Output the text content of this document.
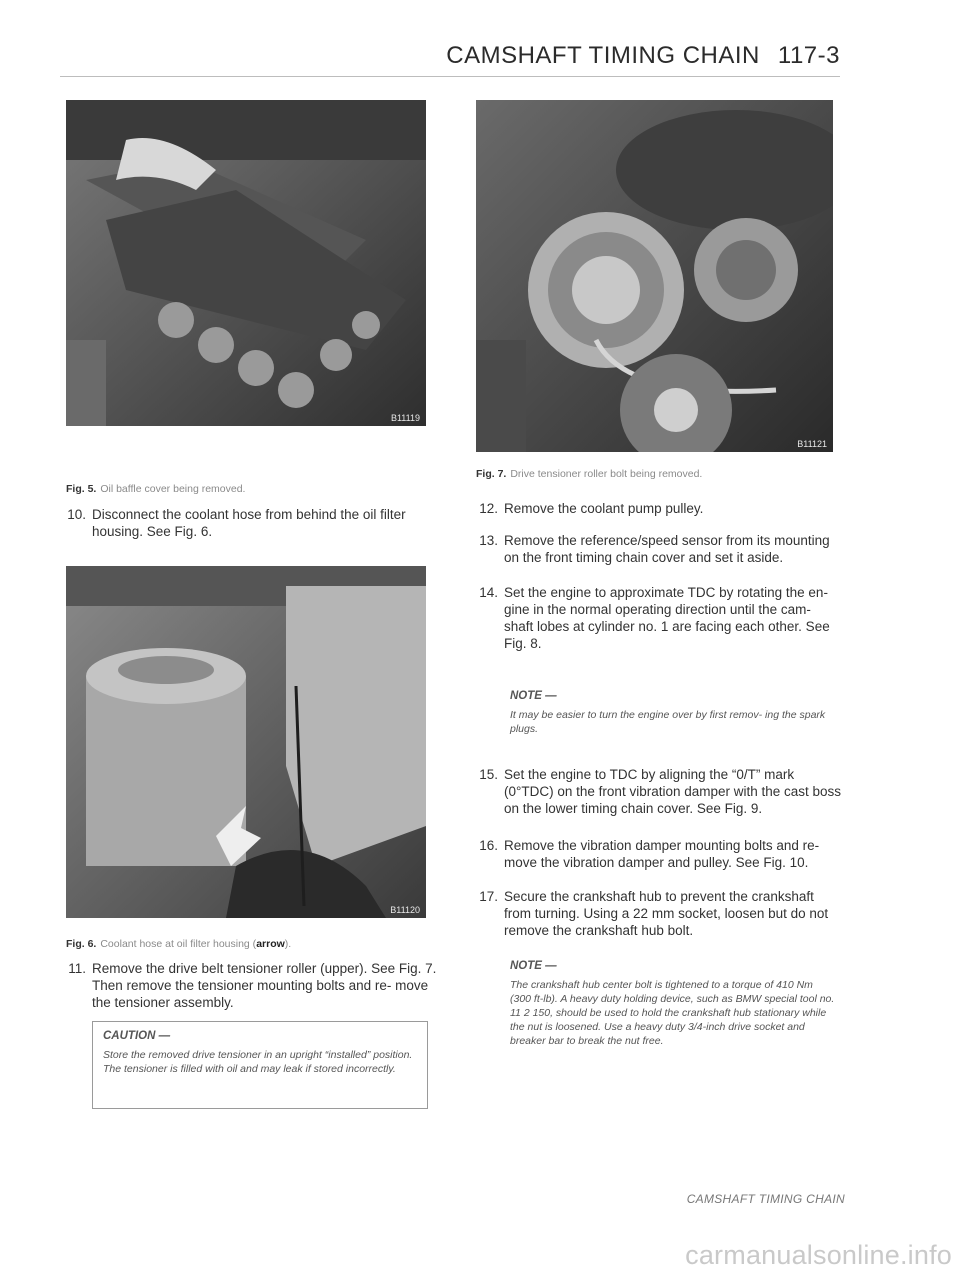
CAMSHAFT TIMING CHAIN 117-3
B11119
Fig. 5. Oil baffle cover being removed.
10. Disconnect the coolant hose from behind the oil filter housing. See Fig. 6.
B11120
Fig. 6. Coolant hose at oil filter housing (arrow).
11. Remove the drive belt tensioner roller (upper). See Fig. 7. Then remove the tensioner mounting bolts and re- move the tensioner assembly.
CAUTION —
Store the removed drive tensioner in an upright “installed” position. The tensioner is filled with oil and may leak if stored incorrectly.
B11121
Fig. 7. Drive tensioner roller bolt being removed.
12. Remove the coolant pump pulley.
13. Remove the reference/speed sensor from its mounting on the front timing chain cover and set it aside.
14. Set the engine to approximate TDC by rotating the en- gine in the normal operating direction until the cam- shaft lobes at cylinder no. 1 are facing each other. See Fig. 8.
NOTE —
It may be easier to turn the engine over by first remov- ing the spark plugs.
15. Set the engine to TDC by aligning the “0/T” mark (0°TDC) on the front vibration damper with the cast boss on the lower timing chain cover. See Fig. 9.
16. Remove the vibration damper mounting bolts and re- move the vibration damper and pulley. See Fig. 10.
17. Secure the crankshaft hub to prevent the crankshaft from turning. Using a 22 mm socket, loosen but do not remove the crankshaft hub bolt.
NOTE —
The crankshaft hub center bolt is tightened to a torque of 410 Nm (300 ft-lb). A heavy duty holding device, such as BMW special tool no. 11 2 150, should be used to hold the crankshaft hub stationary while the nut is loosened. Use a heavy duty 3/4-inch drive socket and breaker bar to break the nut free.
CAMSHAFT TIMING CHAIN
carmanualsonline.info
